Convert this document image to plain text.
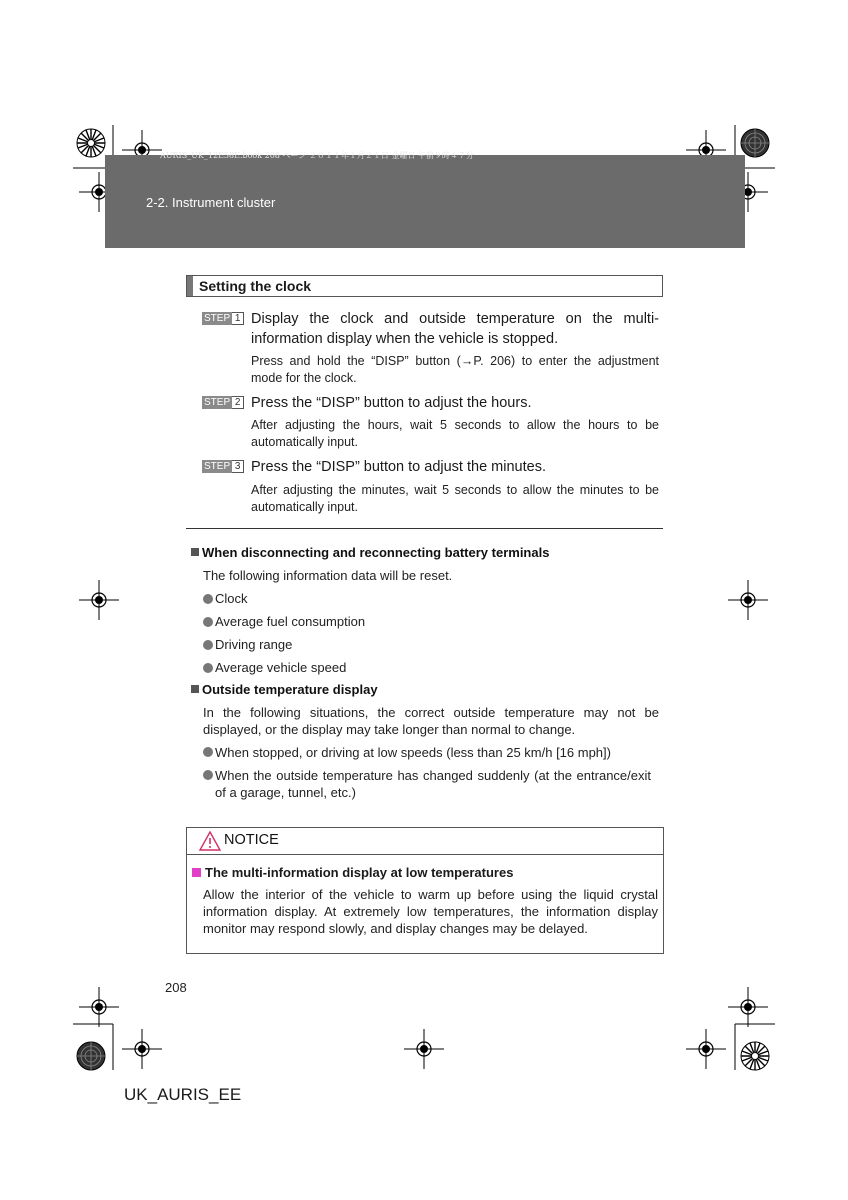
AURIS_UK_12E58E.book 208 ページ ２０１１年１月２１日 金曜日 午前９時４７分
2-2. Instrument cluster
Setting the clock
STEP 1 Display the clock and outside temperature on the multi-information display when the vehicle is stopped.
Press and hold the “DISP” button (→P. 206) to enter the adjustment mode for the clock.
STEP 2 Press the “DISP” button to adjust the hours.
After adjusting the hours, wait 5 seconds to allow the hours to be automatically input.
STEP 3 Press the “DISP” button to adjust the minutes.
After adjusting the minutes, wait 5 seconds to allow the minutes to be automatically input.
When disconnecting and reconnecting battery terminals
The following information data will be reset.
Clock
Average fuel consumption
Driving range
Average vehicle speed
Outside temperature display
In the following situations, the correct outside temperature may not be displayed, or the display may take longer than normal to change.
When stopped, or driving at low speeds (less than 25 km/h [16 mph])
When the outside temperature has changed suddenly (at the entrance/exit of a garage, tunnel, etc.)
NOTICE
The multi-information display at low temperatures
Allow the interior of the vehicle to warm up before using the liquid crystal information display. At extremely low temperatures, the information display monitor may respond slowly, and display changes may be delayed.
208
UK_AURIS_EE
